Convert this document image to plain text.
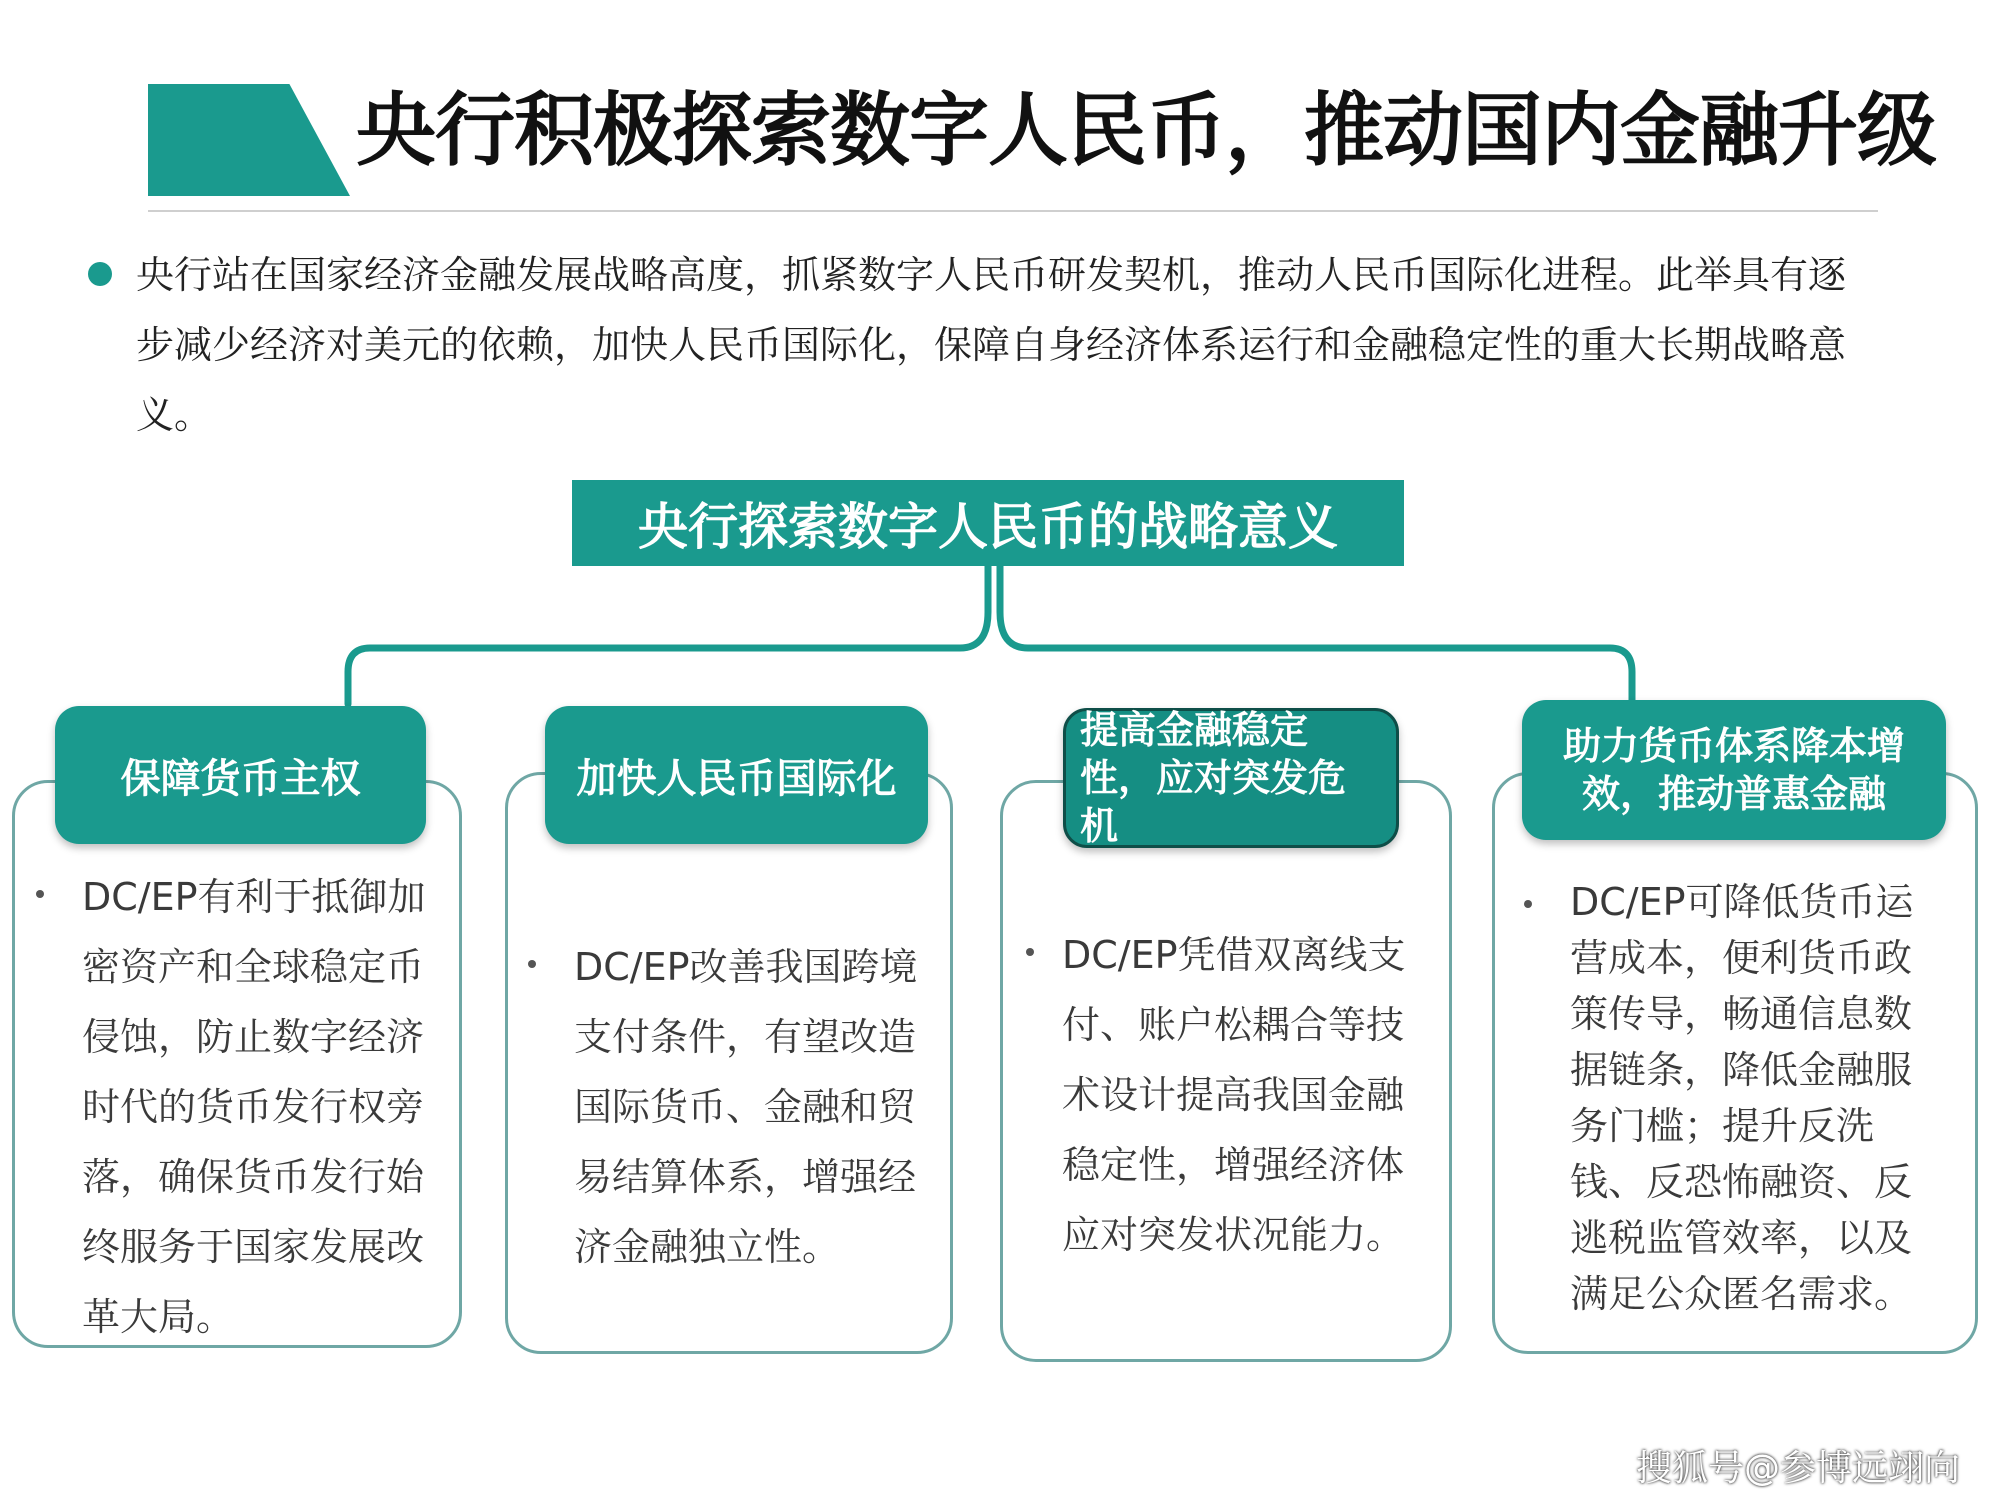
央行积极探索数字人民币，推动国内金融升级
央行站在国家经济金融发展战略高度，抓紧数字人民币研发契机，推动人民币国际化进程。此举具有逐步减少经济对美元的依赖，加快人民币国际化，保障自身经济体系运行和金融稳定性的重大长期战略意义。
央行探索数字人民币的战略意义
保障货币主权
DC/EP有利于抵御加密资产和全球稳定币侵蚀，防止数字经济时代的货币发行权旁落，确保货币发行始终服务于国家发展改革大局。
加快人民币国际化
DC/EP改善我国跨境支付条件，有望改造国际货币、金融和贸易结算体系，增强经济金融独立性。
提高金融稳定性，应对突发危机
DC/EP凭借双离线支付、账户松耦合等技术设计提高我国金融稳定性，增强经济体应对突发状况能力。
助力货币体系降本增效，推动普惠金融
DC/EP可降低货币运营成本，便利货币政策传导，畅通信息数据链条，降低金融服务门槛；提升反洗钱、反恐怖融资、反逃税监管效率，以及满足公众匿名需求。
搜狐号@参博远翊向
